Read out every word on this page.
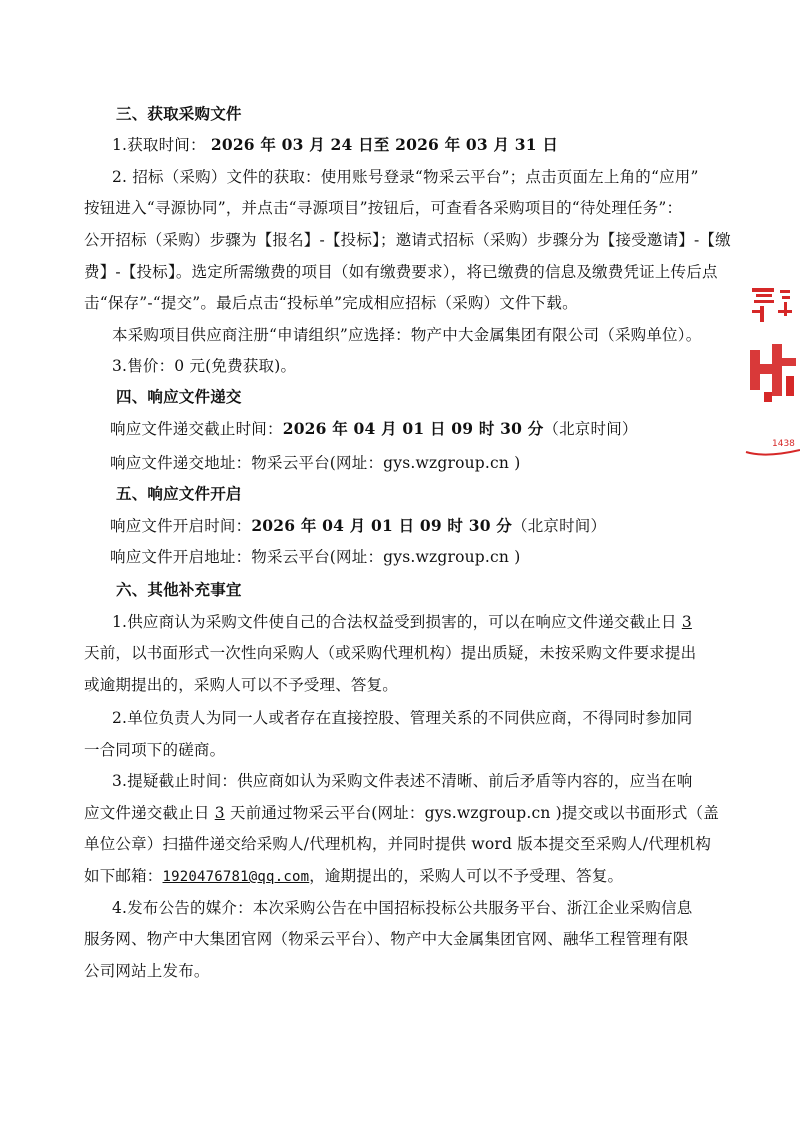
三、获取采购文件
1.获取时间： 2026 年 03 月 24 日至 2026 年 03 月 31 日
2. 招标（采购）文件的获取：使用账号登录“物采云平台”；点击页面左上角的“应用”
按钮进入“寻源协同”，并点击“寻源项目”按钮后，可查看各采购项目的“待处理任务”：
公开招标（采购）步骤为【报名】-【投标】；邀请式招标（采购）步骤分为【接受邀请】-【缴
费】-【投标】。选定所需缴费的项目（如有缴费要求），将已缴费的信息及缴费凭证上传后点
击“保存”-“提交”。最后点击“投标单”完成相应招标（采购）文件下载。
本采购项目供应商注册“申请组织”应选择：物产中大金属集团有限公司（采购单位）。
3.售价：0 元(免费获取)。
四、响应文件递交
响应文件递交截止时间：2026 年 04 月 01 日 09 时 30 分（北京时间）
响应文件递交地址：物采云平台(网址：gys.wzgroup.cn )
五、响应文件开启
响应文件开启时间：2026 年 04 月 01 日 09 时 30 分（北京时间）
响应文件开启地址：物采云平台(网址：gys.wzgroup.cn )
六、其他补充事宜
1.供应商认为采购文件使自己的合法权益受到损害的，可以在响应文件递交截止日 3
天前，以书面形式一次性向采购人（或采购代理机构）提出质疑，未按采购文件要求提出
或逾期提出的，采购人可以不予受理、答复。
2.单位负责人为同一人或者存在直接控股、管理关系的不同供应商，不得同时参加同
一合同项下的磋商。
3.提疑截止时间：供应商如认为采购文件表述不清晰、前后矛盾等内容的，应当在响
应文件递交截止日 3 天前通过物采云平台(网址：gys.wzgroup.cn )提交或以书面形式（盖
单位公章）扫描件递交给采购人/代理机构，并同时提供 word 版本提交至采购人/代理机构
如下邮箱：1920476781@qq.com，逾期提出的，采购人可以不予受理、答复。
4.发布公告的媒介：本次采购公告在中国招标投标公共服务平台、浙江企业采购信息
服务网、物产中大集团官网（物采云平台）、物产中大金属集团官网、融华工程管理有限
公司网站上发布。
1438
